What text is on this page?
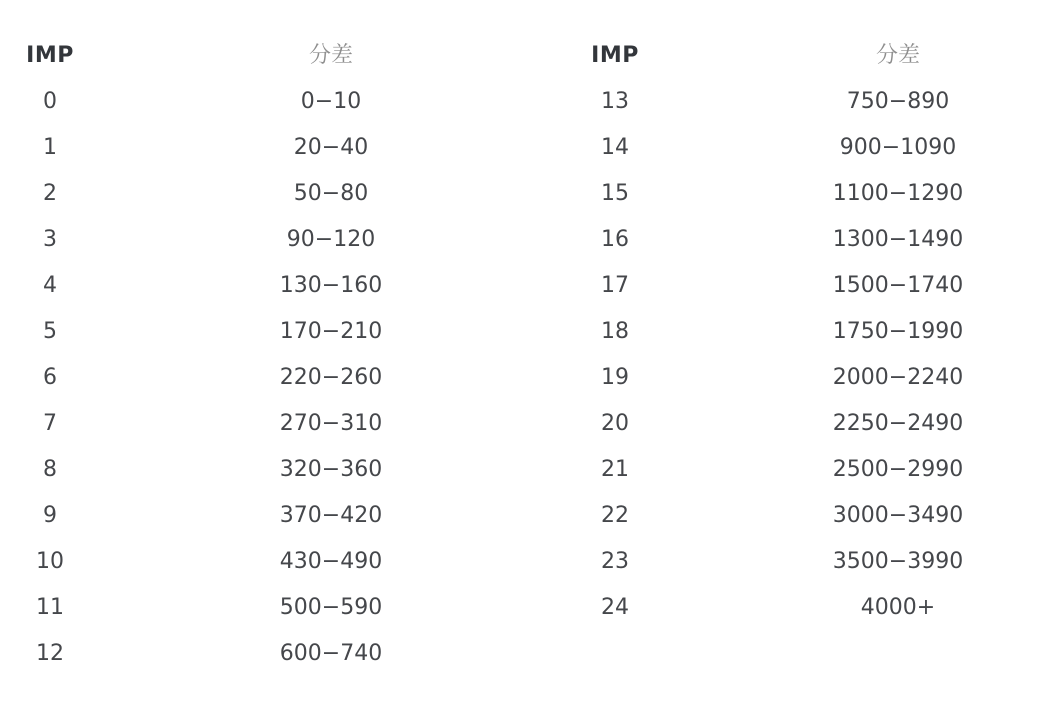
IMP	分差
0	0−10
1	20−40
2	50−80
3	90−120
4	130−160
5	170−210
6	220−260
7	270−310
8	320−360
9	370−420
10	430−490
11	500−590
12	600−740
IMP	分差
13	750−890
14	900−1090
15	1100−1290
16	1300−1490
17	1500−1740
18	1750−1990
19	2000−2240
20	2250−2490
21	2500−2990
22	3000−3490
23	3500−3990
24	4000+
